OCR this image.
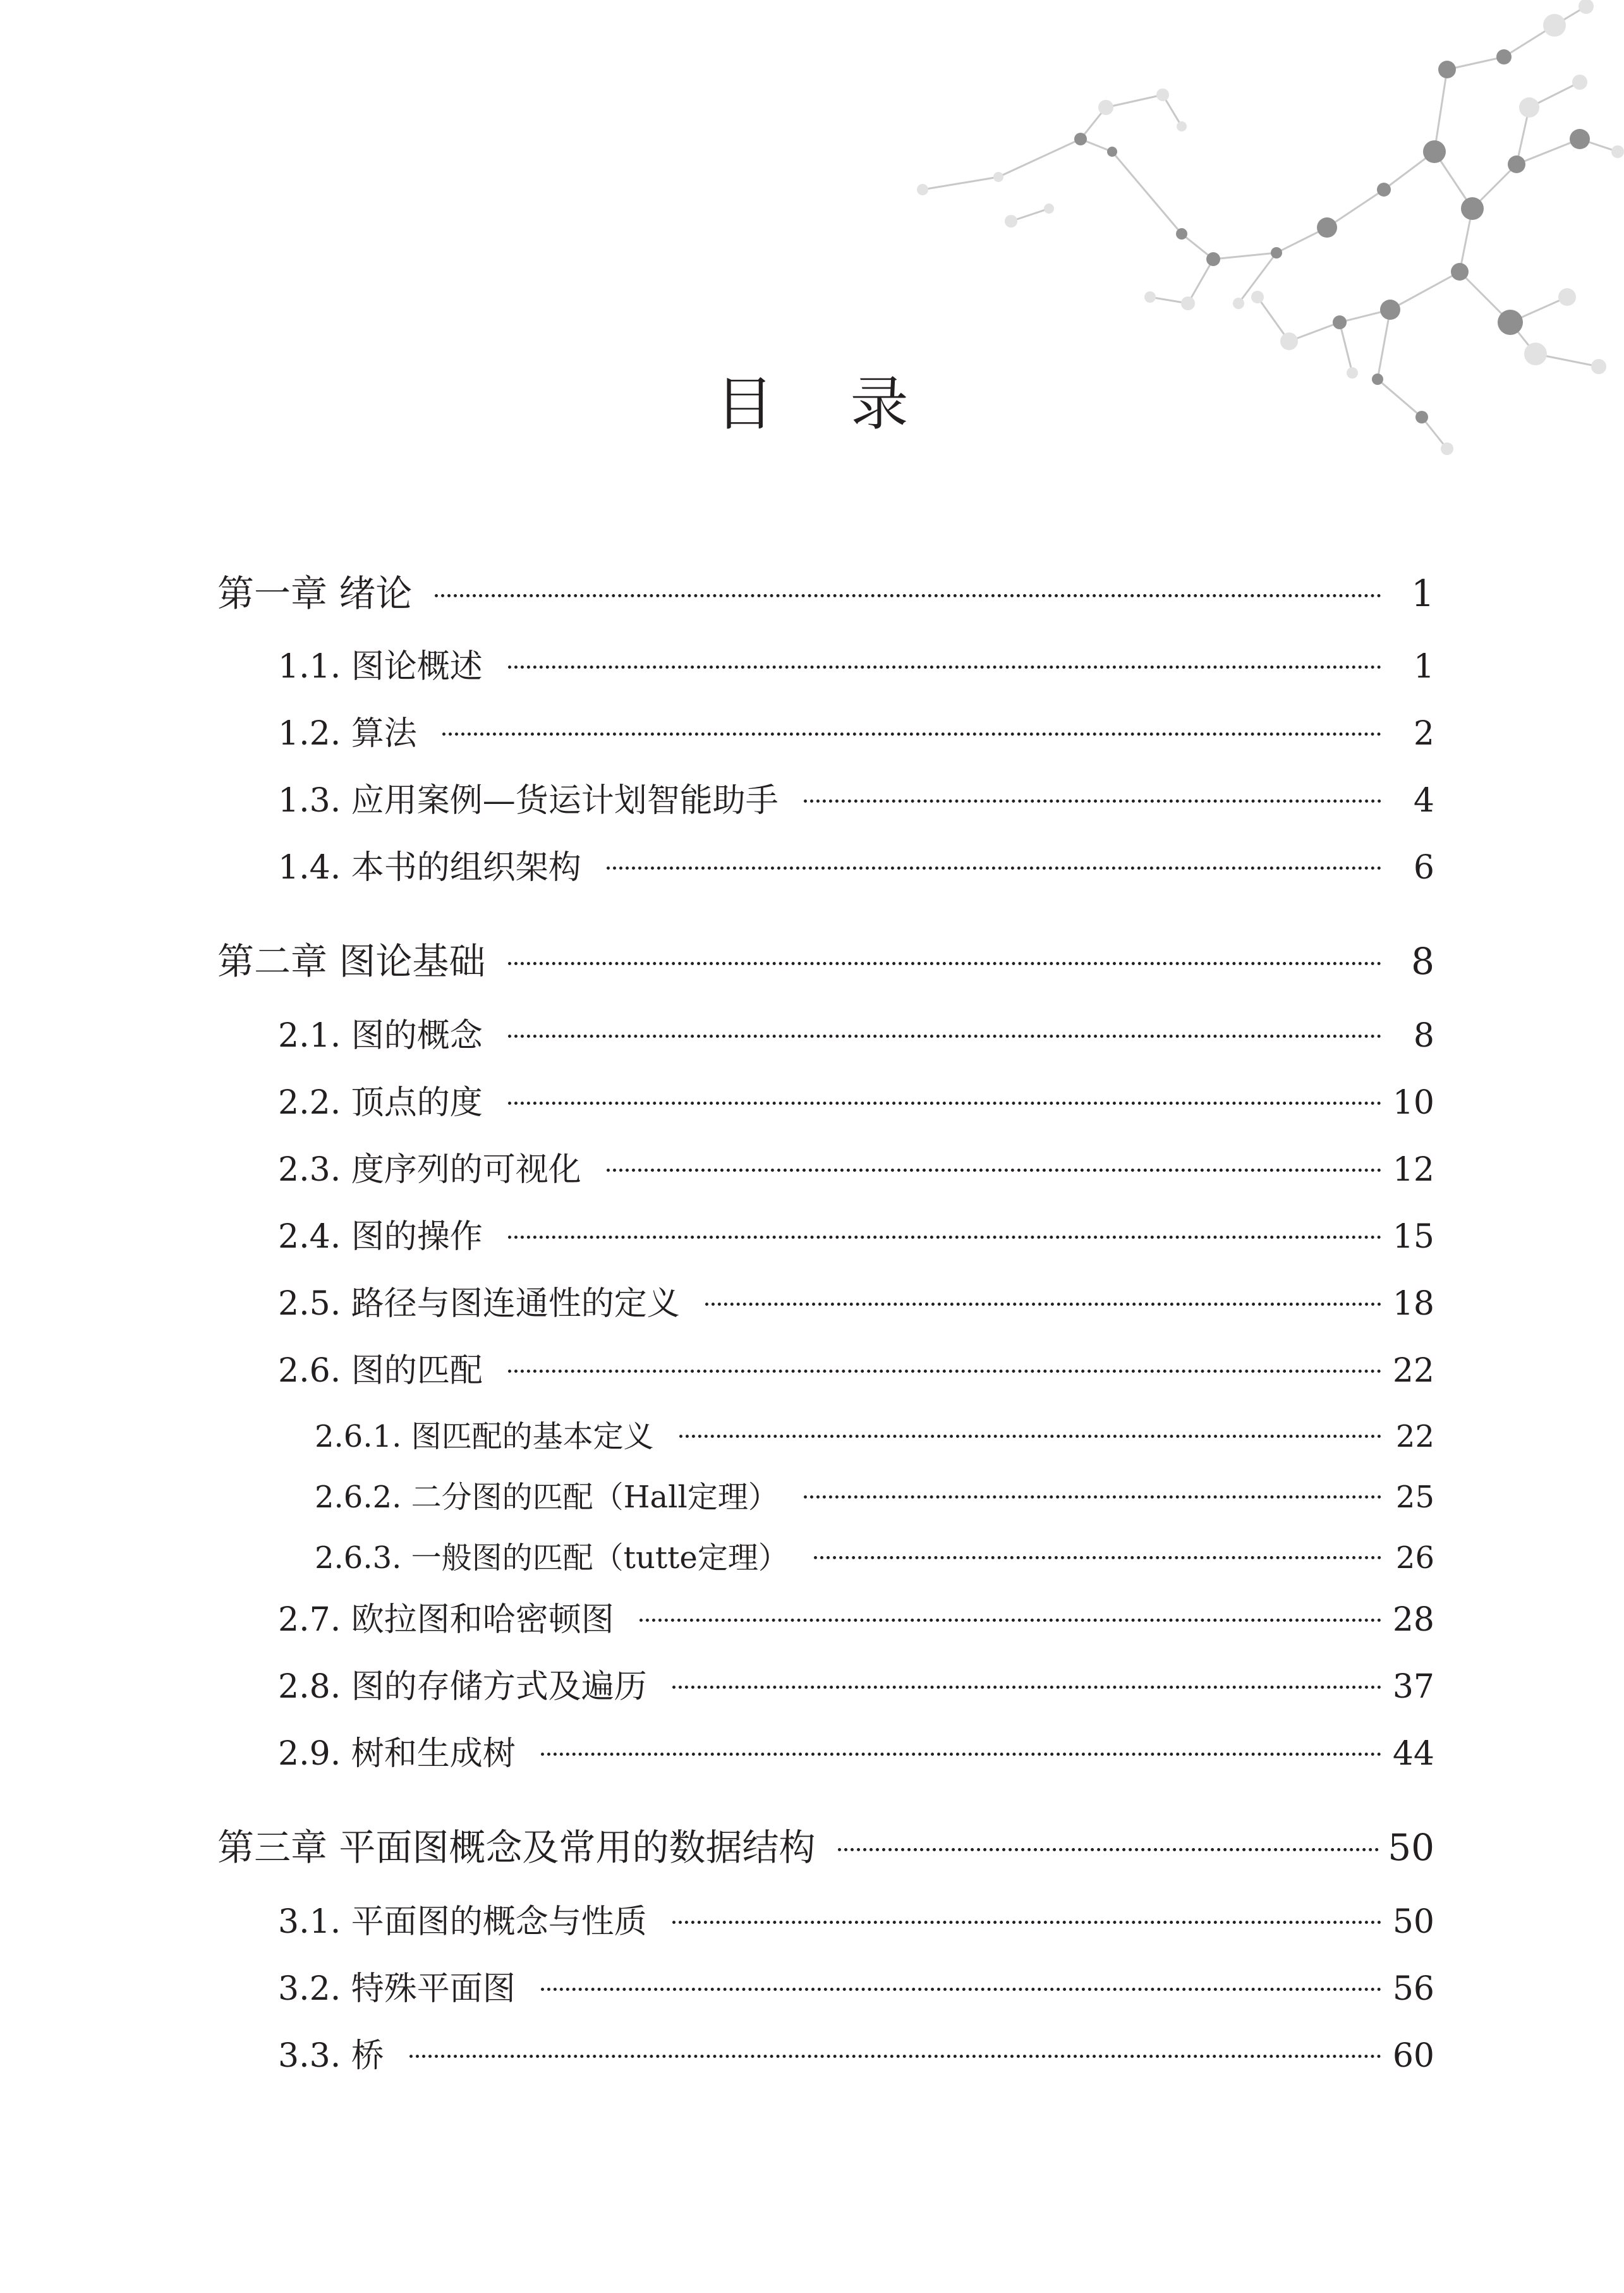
目 录
第一章 绪论	1
1.1. 图论概述	1
1.2. 算法	2
1.3. 应用案例—货运计划智能助手	4
1.4. 本书的组织架构	6
第二章 图论基础	8
2.1. 图的概念	8
2.2. 顶点的度	10
2.3. 度序列的可视化	12
2.4. 图的操作	15
2.5. 路径与图连通性的定义	18
2.6. 图的匹配	22
2.6.1. 图匹配的基本定义	22
2.6.2. 二分图的匹配（Hall定理）	25
2.6.3. 一般图的匹配（tutte定理）	26
2.7. 欧拉图和哈密顿图	28
2.8. 图的存储方式及遍历	37
2.9. 树和生成树	44
第三章 平面图概念及常用的数据结构	50
3.1. 平面图的概念与性质	50
3.2. 特殊平面图	56
3.3. 桥	60
